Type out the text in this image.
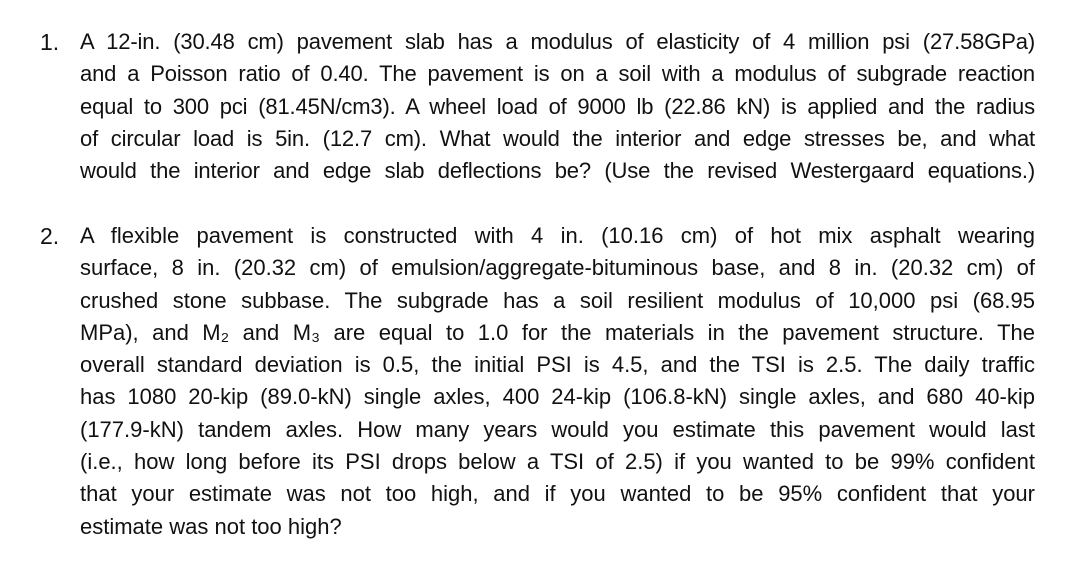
1. A 12-in. (30.48 cm) pavement slab has a modulus of elasticity of 4 million psi (27.58GPa)
and a Poisson ratio of 0.40. The pavement is on a soil with a modulus of subgrade reaction
equal to 300 pci (81.45N/cm3). A wheel load of 9000 lb (22.86 kN) is applied and the radius
of circular load is 5in. (12.7 cm). What would the interior and edge stresses be, and what
would the interior and edge slab deflections be? (Use the revised Westergaard equations.)
2. A flexible pavement is constructed with 4 in. (10.16 cm) of hot mix asphalt wearing
surface, 8 in. (20.32 cm) of emulsion/aggregate-bituminous base, and 8 in. (20.32 cm) of
crushed stone subbase. The subgrade has a soil resilient modulus of 10,000 psi (68.95
MPa), and M₂ and M₃ are equal to 1.0 for the materials in the pavement structure. The
overall standard deviation is 0.5, the initial PSI is 4.5, and the TSI is 2.5. The daily traffic
has 1080 20-kip (89.0-kN) single axles, 400 24-kip (106.8-kN) single axles, and 680 40-kip
(177.9-kN) tandem axles. How many years would you estimate this pavement would last
(i.e., how long before its PSI drops below a TSI of 2.5) if you wanted to be 99% confident
that your estimate was not too high, and if you wanted to be 95% confident that your
estimate was not too high?
